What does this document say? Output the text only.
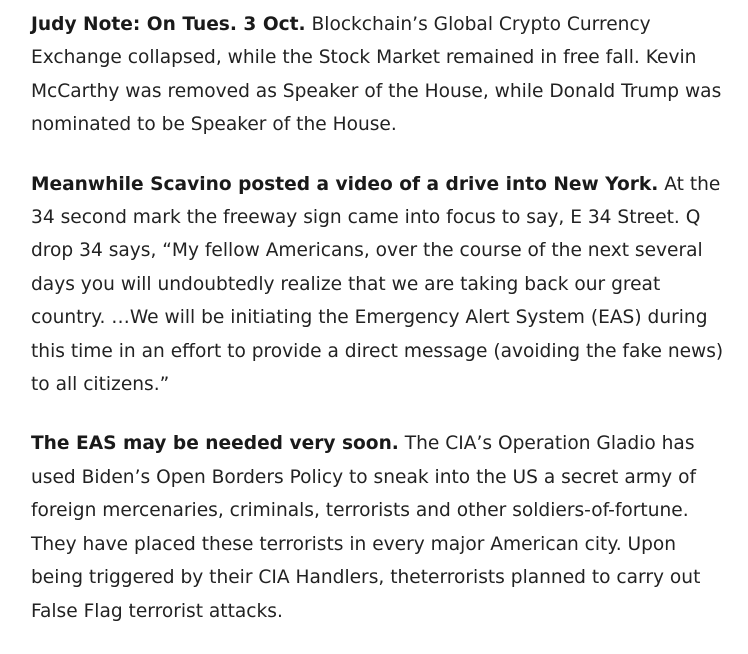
Judy Note: On Tues. 3 Oct. Blockchain’s Global Crypto Currency Exchange collapsed, while the Stock Market remained in free fall. Kevin McCarthy was removed as Speaker of the House, while Donald Trump was nominated to be Speaker of the House.

Meanwhile Scavino posted a video of a drive into New York. At the 34 second mark the freeway sign came into focus to say, E 34 Street. Q drop 34 says, “My fellow Americans, over the course of the next several days you will undoubtedly realize that we are taking back our great country. …We will be initiating the Emergency Alert System (EAS) during this time in an effort to provide a direct message (avoiding the fake news) to all citizens.”

The EAS may be needed very soon. The CIA’s Operation Gladio has used Biden’s Open Borders Policy to sneak into the US a secret army of foreign mercenaries, criminals, terrorists and other soldiers-of-fortune. They have placed these terrorists in every major American city. Upon being triggered by their CIA Handlers, theterrorists planned to carry out False Flag terrorist attacks.
